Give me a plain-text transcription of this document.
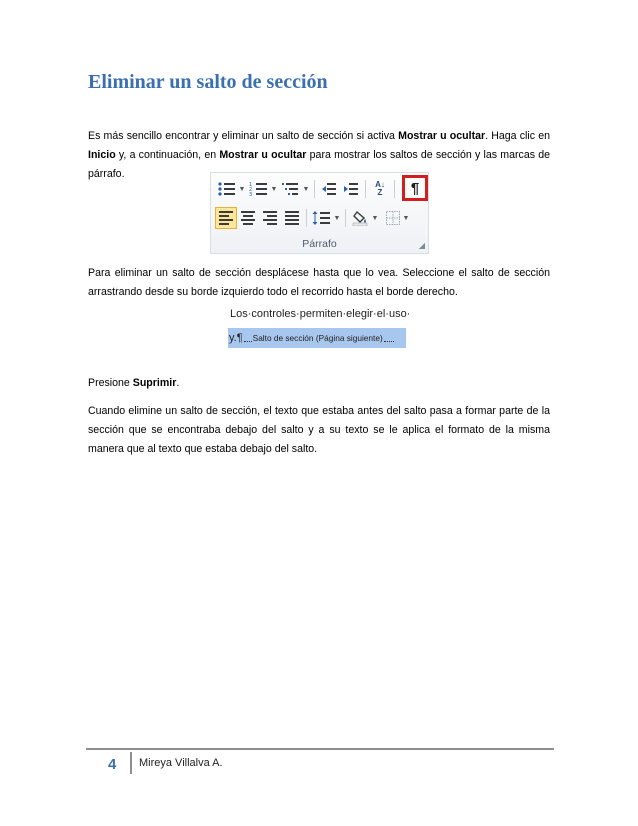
Eliminar un salto de sección

Es más sencillo encontrar y eliminar un salto de sección si activa Mostrar u ocultar. Haga clic en Inicio y, a continuación, en Mostrar u ocultar para mostrar los saltos de sección y las marcas de párrafo.

▼
1
2
3
▼	▼	A↓Z	¶
▼	▼	▼
Párrafo	◢

Para eliminar un salto de sección desplácese hasta que lo vea. Seleccione el salto de sección arrastrando desde su borde izquierdo todo el recorrido hasta el borde derecho.

Los·controles·permiten·elegir·el·uso·
y.¶ Salto de sección (Página siguiente)

Presione Suprimir.

Cuando elimine un salto de sección, el texto que estaba antes del salto pasa a formar parte de la sección que se encontraba debajo del salto y a su texto se le aplica el formato de la misma manera que al texto que estaba debajo del salto.

4 Mireya Villalva A.
